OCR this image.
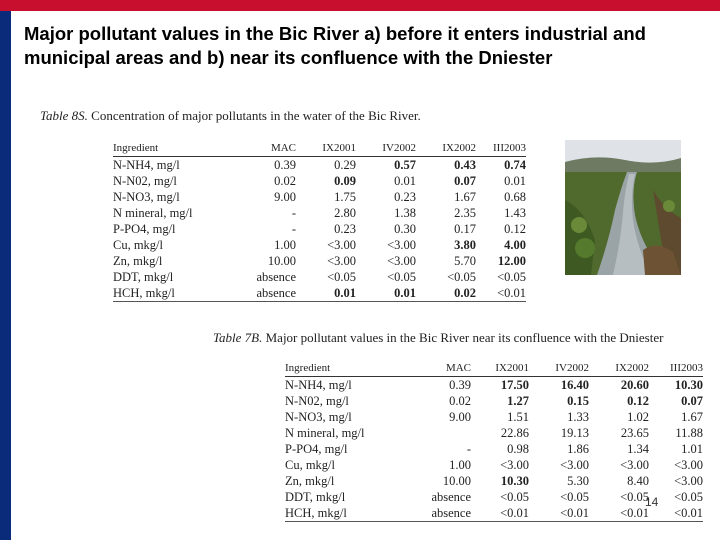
Major pollutant values in the Bic River a) before it enters industrial and municipal areas and b) near its confluence with the Dniester

Table 8S. Concentration of major pollutants in the water of the Bic River.

Ingredient	MAC	IX2001	IV2002	IX2002	III2003
N-NH4, mg/l	0.39	0.29	0.57	0.43	0.74
N-N02, mg/l	0.02	0.09	0.01	0.07	0.01
N-NO3, mg/l	9.00	1.75	0.23	1.67	0.68
N mineral, mg/l	-	2.80	1.38	2.35	1.43
P-PO4, mg/l	-	0.23	0.30	0.17	0.12
Cu, mkg/l	1.00	<3.00	<3.00	3.80	4.00
Zn, mkg/l	10.00	<3.00	<3.00	5.70	12.00
DDT, mkg/l	absence	<0.05	<0.05	<0.05	<0.05
HCH, mkg/l	absence	0.01	0.01	0.02	<0.01

Table 7B. Major pollutant values in the Bic River near its confluence with the Dniester

Ingredient	MAC	IX2001	IV2002	IX2002	III2003
N-NH4, mg/l	0.39	17.50	16.40	20.60	10.30
N-N02, mg/l	0.02	1.27	0.15	0.12	0.07
N-NO3, mg/l	9.00	1.51	1.33	1.02	1.67
N mineral, mg/l		22.86	19.13	23.65	11.88
P-PO4, mg/l	-	0.98	1.86	1.34	1.01
Cu, mkg/l	1.00	<3.00	<3.00	<3.00	<3.00
Zn, mkg/l	10.00	10.30	5.30	8.40	<3.00
DDT, mkg/l	absence	<0.05	<0.05	<0.05	<0.05
HCH, mkg/l	absence	<0.01	<0.01	<0.01	<0.01
14
